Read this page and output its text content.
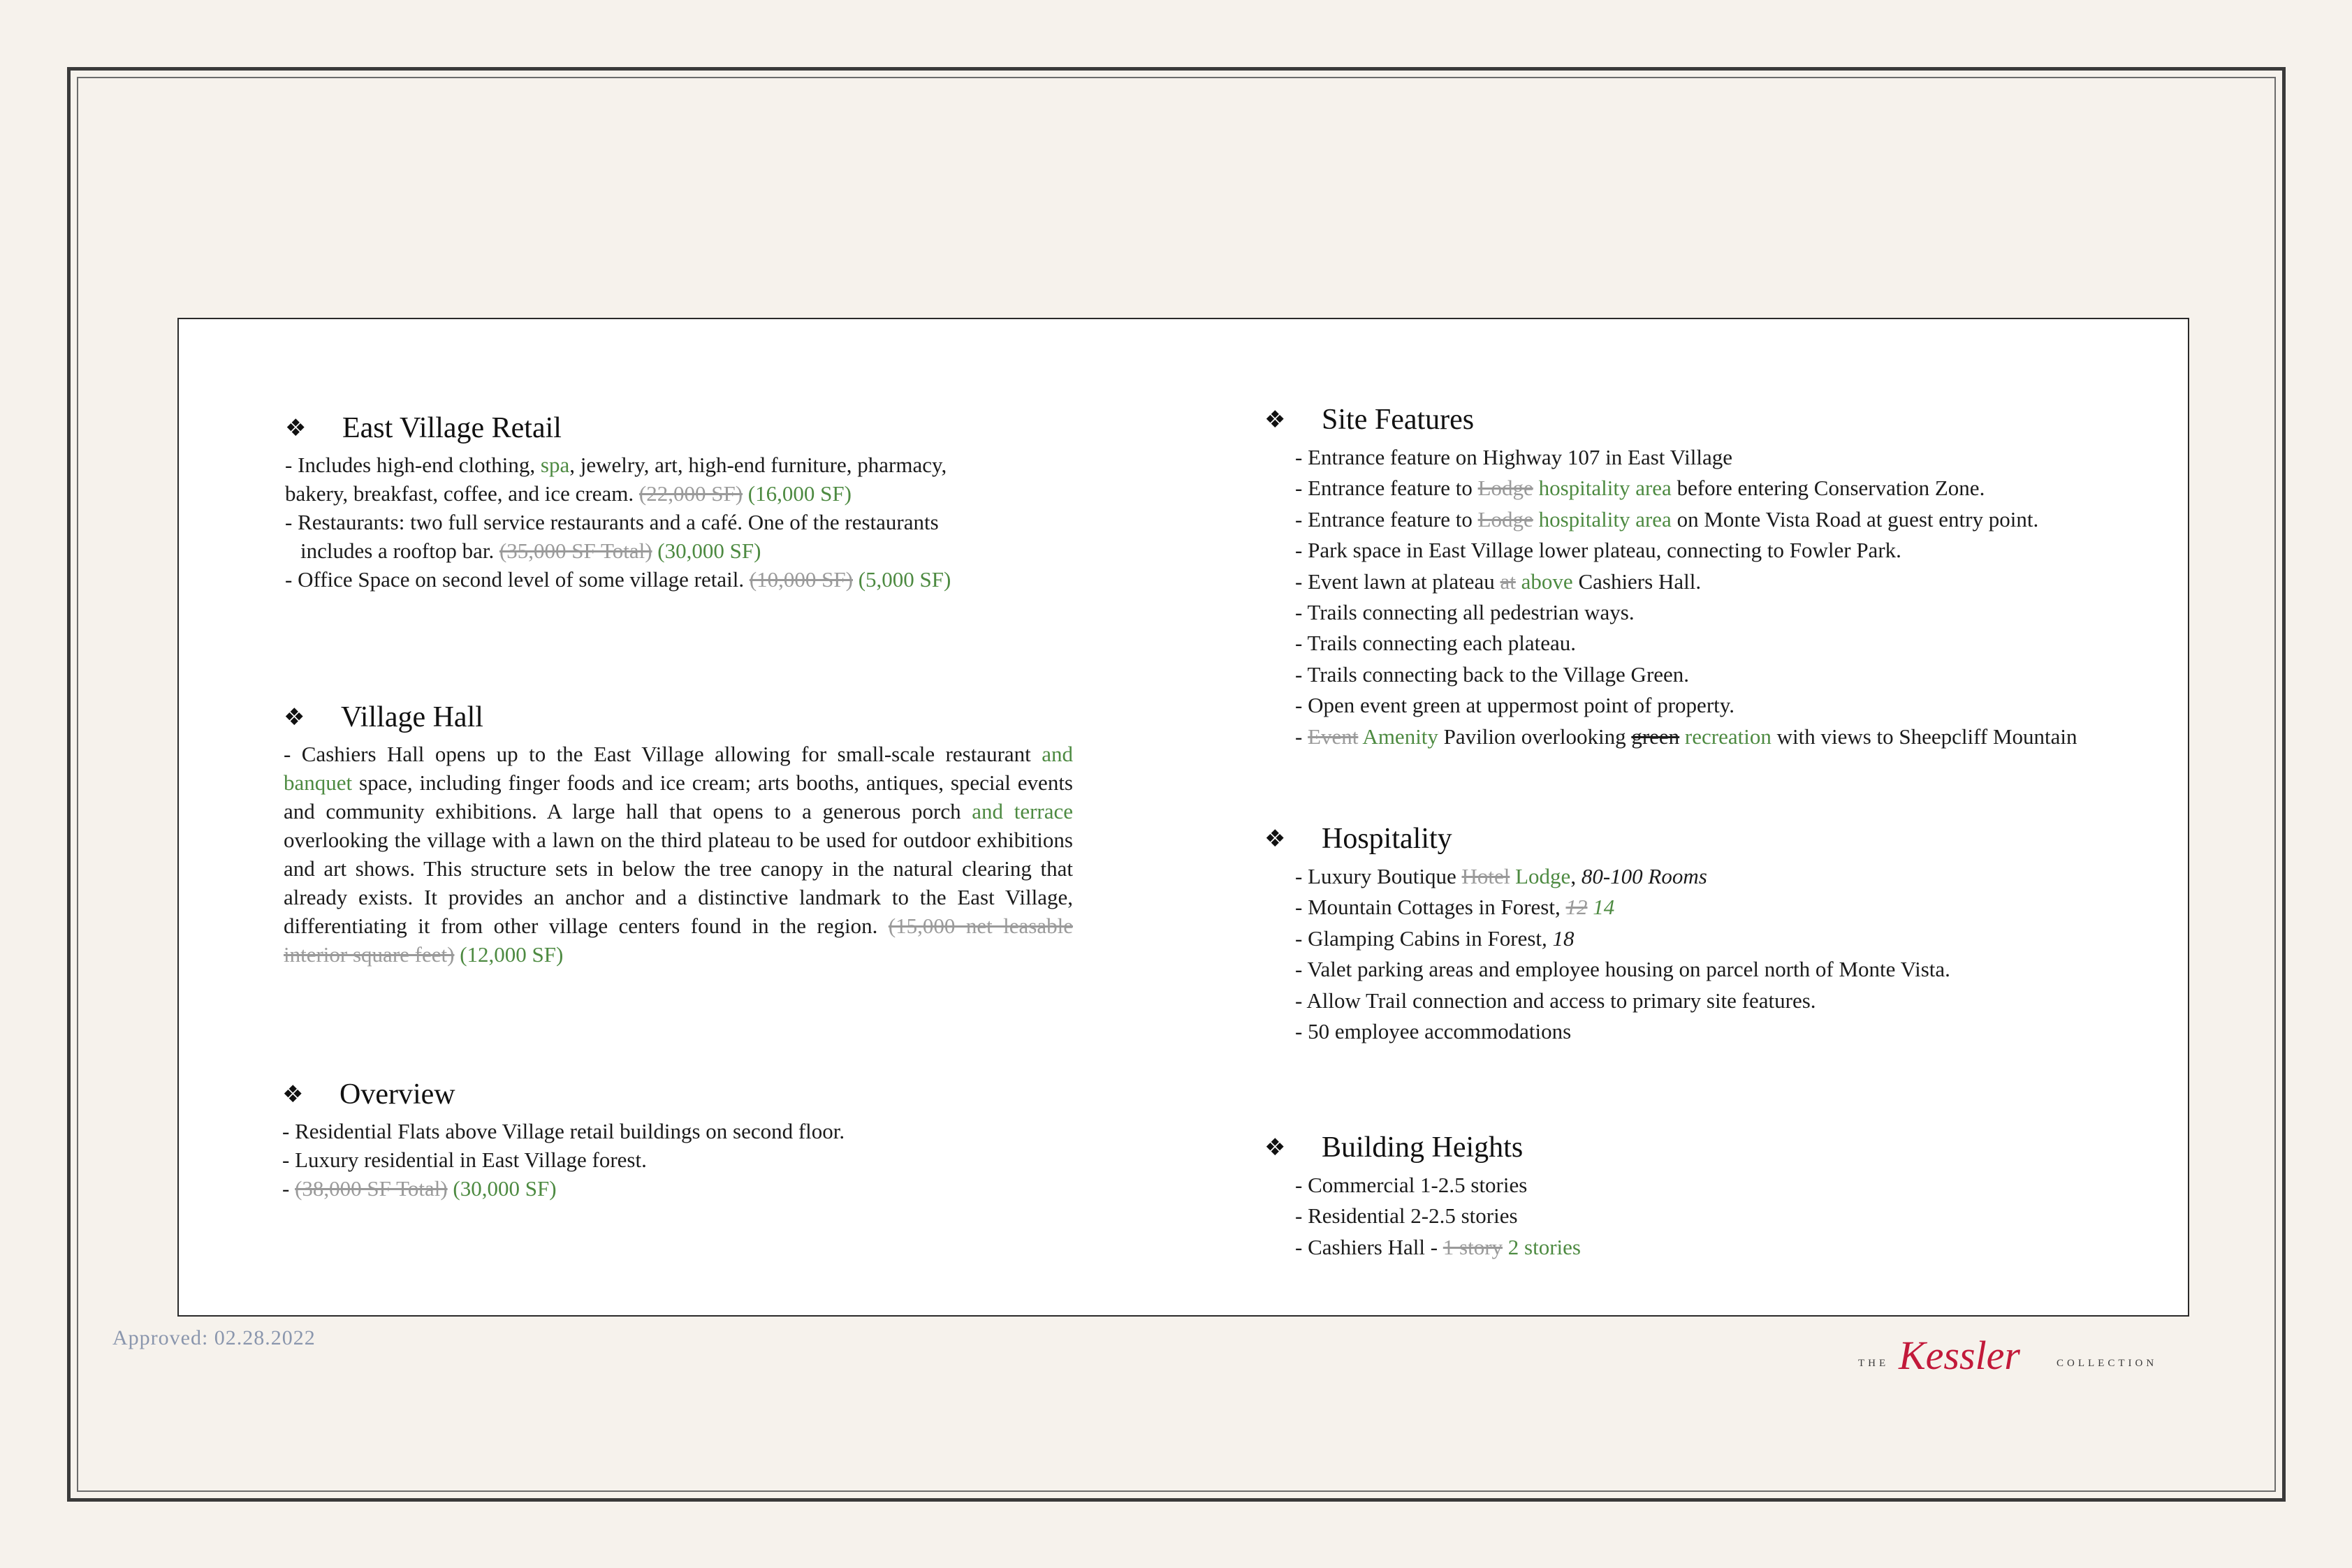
❖	East Village Retail
- Includes high-end clothing, spa, jewelry, art, high-end furniture, pharmacy,
bakery, breakfast, coffee, and ice cream. (22,000 SF) (16,000 SF)
- Restaurants: two full service restaurants and a café. One of the restaurants
includes a rooftop bar. (35,000 SF Total) (30,000 SF)
- Office Space on second level of some village retail. (10,000 SF) (5,000 SF)
❖	Village Hall
- Cashiers Hall opens up to the East Village allowing for small-scale restaurant and banquet space, including finger foods and ice cream; arts booths, antiques, special events and community exhibitions. A large hall that opens to a generous porch and terrace overlooking the village with a lawn on the third plateau to be used for outdoor exhibitions and art shows. This structure sets in below the tree canopy in the natural clearing that already exists. It provides an anchor and a distinctive landmark to the East Village, differentiating it from other village centers found in the region. (15,000 net leasable interior square feet) (12,000 SF)
❖	Overview
- Residential Flats above Village retail buildings on second floor.
- Luxury residential in East Village forest.
- (38,000 SF Total) (30,000 SF)
❖	Site Features
- Entrance feature on Highway 107 in East Village
- Entrance feature to Lodge hospitality area before entering Conservation Zone.
- Entrance feature to Lodge hospitality area on Monte Vista Road at guest entry point.
- Park space in East Village lower plateau, connecting to Fowler Park.
- Event lawn at plateau at above Cashiers Hall.
- Trails connecting all pedestrian ways.
- Trails connecting each plateau.
- Trails connecting back to the Village Green.
- Open event green at uppermost point of property.
- Event Amenity Pavilion overlooking green recreation with views to Sheepcliff Mountain
❖	Hospitality
- Luxury Boutique Hotel Lodge, 80-100 Rooms
- Mountain Cottages in Forest, 12 14
- Glamping Cabins in Forest, 18
- Valet parking areas and employee housing on parcel north of Monte Vista.
- Allow Trail connection and access to primary site features.
- 50 employee accommodations
❖	Building Heights
- Commercial 1-2.5 stories
- Residential 2-2.5 stories
- Cashiers Hall - 1 story 2 stories
Approved: 02.28.2022
THE Kessler	COLLECTION
